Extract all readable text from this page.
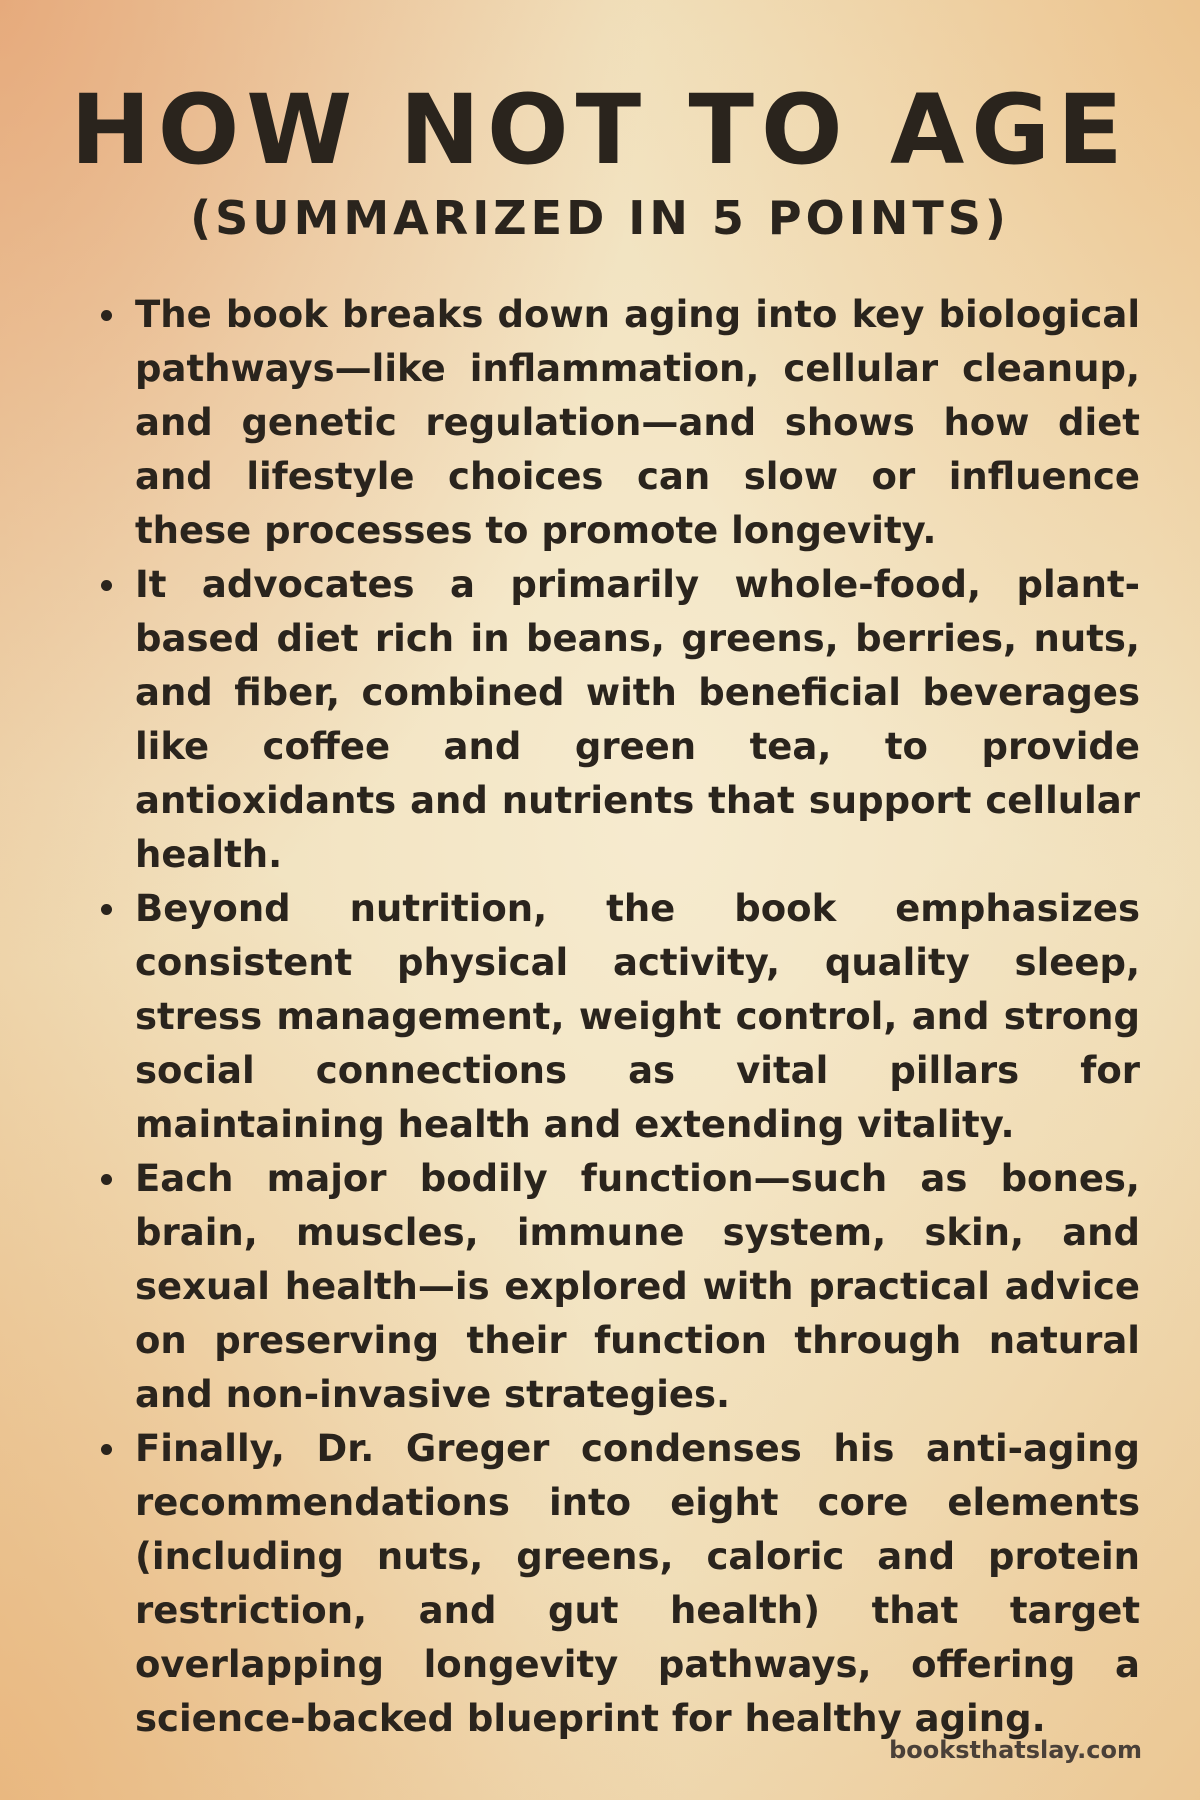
HOW NOT TO AGE
(SUMMARIZED IN 5 POINTS)
The book breaks down aging into key biological pathways—like inflammation, cellular cleanup, and genetic regulation—and shows how diet and lifestyle choices can slow or influence these processes to promote longevity.
It advocates a primarily whole-food, plant-based diet rich in beans, greens, berries, nuts, and fiber, combined with beneficial beverages like coffee and green tea, to provide antioxidants and nutrients that support cellular health.
Beyond nutrition, the book emphasizes consistent physical activity, quality sleep, stress management, weight control, and strong social connections as vital pillars for maintaining health and extending vitality.
Each major bodily function—such as bones, brain, muscles, immune system, skin, and sexual health—is explored with practical advice on preserving their function through natural and non-invasive strategies.
Finally, Dr. Greger condenses his anti-aging recommendations into eight core elements (including nuts, greens, caloric and protein restriction, and gut health) that target overlapping longevity pathways, offering a science-backed blueprint for healthy aging.
booksthatslay.com
